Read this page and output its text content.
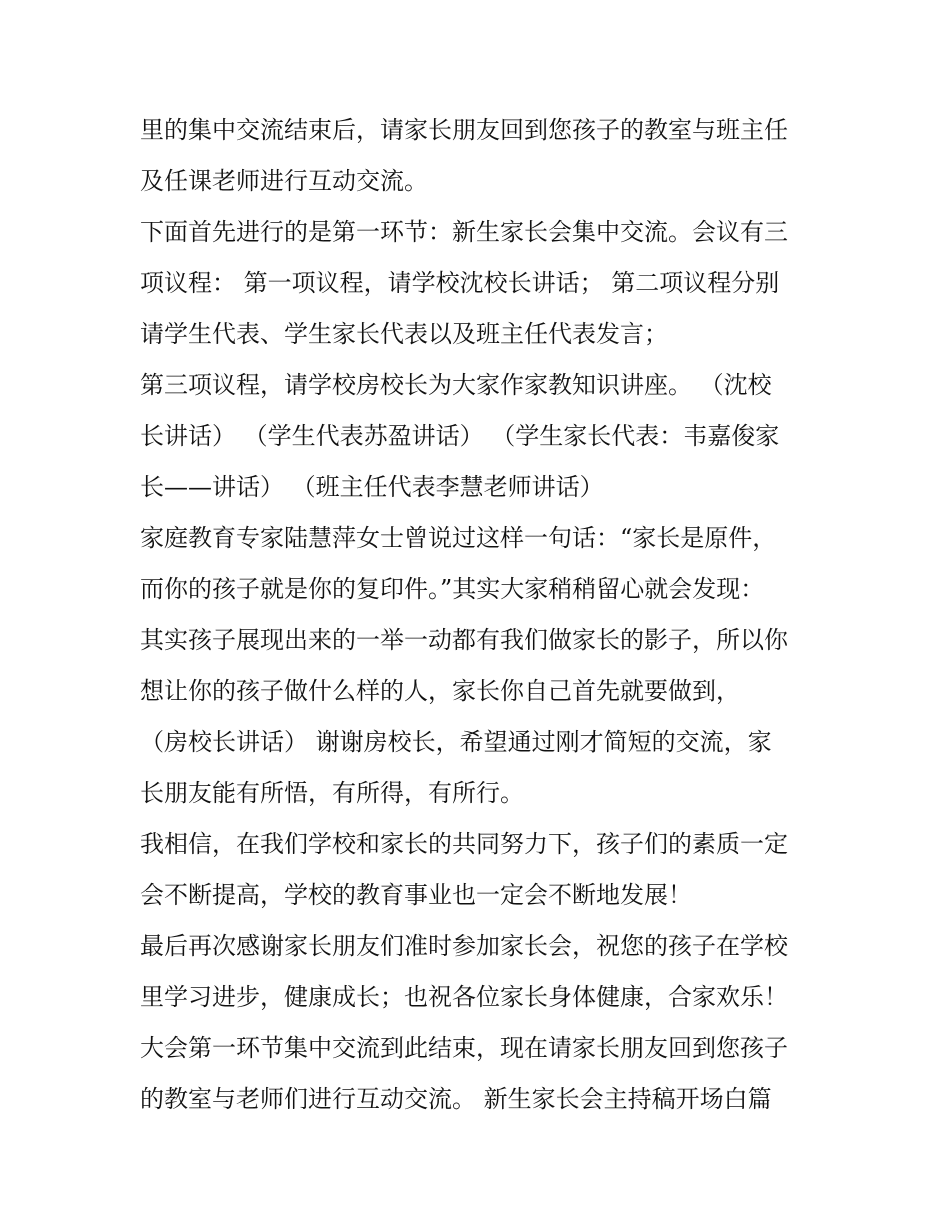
里的集中交流结束后，请家长朋友回到您孩子的教室与班主任
及任课老师进行互动交流。
下面首先进行的是第一环节：新生家长会集中交流。会议有三
项议程： 第一项议程，请学校沈校长讲话； 第二项议程分别
请学生代表、学生家长代表以及班主任代表发言；
第三项议程，请学校房校长为大家作家教知识讲座。 （沈校
长讲话） （学生代表苏盈讲话） （学生家长代表：韦嘉俊家
长——讲话） （班主任代表李慧老师讲话）
家庭教育专家陆慧萍女士曾说过这样一句话：“家长是原件，
而你的孩子就是你的复印件。”其实大家稍稍留心就会发现：
其实孩子展现出来的一举一动都有我们做家长的影子，所以你
想让你的孩子做什么样的人，家长你自己首先就要做到，
（房校长讲话） 谢谢房校长，希望通过刚才简短的交流，家
长朋友能有所悟，有所得，有所行。
我相信，在我们学校和家长的共同努力下，孩子们的素质一定
会不断提高，学校的教育事业也一定会不断地发展！
最后再次感谢家长朋友们准时参加家长会，祝您的孩子在学校
里学习进步，健康成长；也祝各位家长身体健康，合家欢乐！
大会第一环节集中交流到此结束，现在请家长朋友回到您孩子
的教室与老师们进行互动交流。 新生家长会主持稿开场白篇
